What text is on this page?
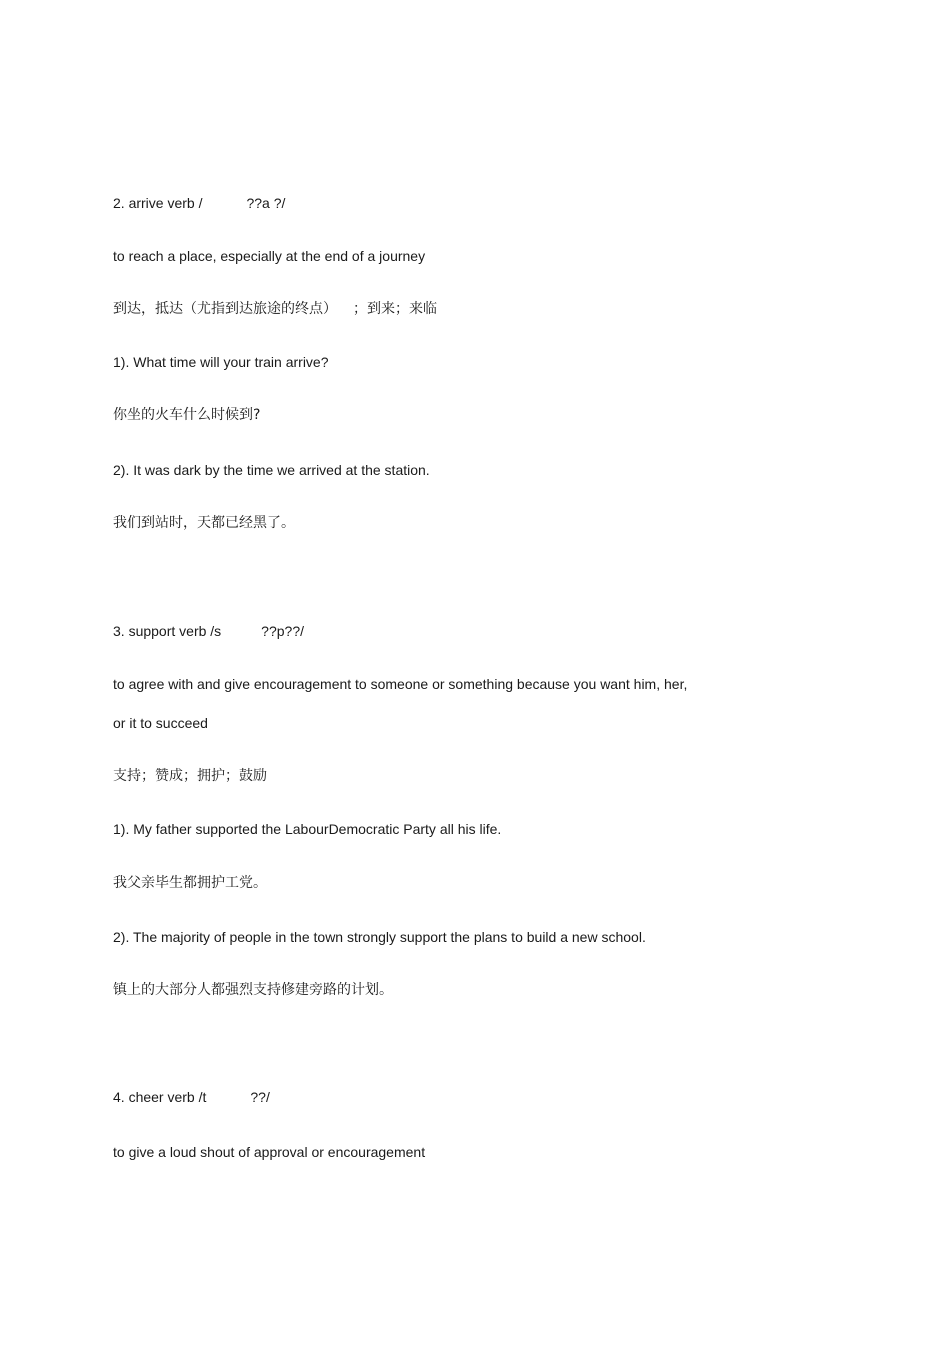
2. arrive verb /	??a ?/
to reach a place, especially at the end of a journey
到达，抵达（尤指到达旅途的终点） ；到来；来临
1). What time will your train arrive?
你坐的火车什么时候到?
2). It was dark by the time we arrived at the station.
我们到站时，天都已经黑了。
3. support verb /s	??p??/
to agree with and give encouragement to someone or something because you want him, her,
or it to succeed
支持；赞成；拥护；鼓励
1). My father supported the LabourDemocratic Party all his life.
我父亲毕生都拥护工党。
2). The majority of people in the town strongly support the plans to build a new school.
镇上的大部分人都强烈支持修建旁路的计划。
4. cheer verb /t	??/
to give a loud shout of approval or encouragement
